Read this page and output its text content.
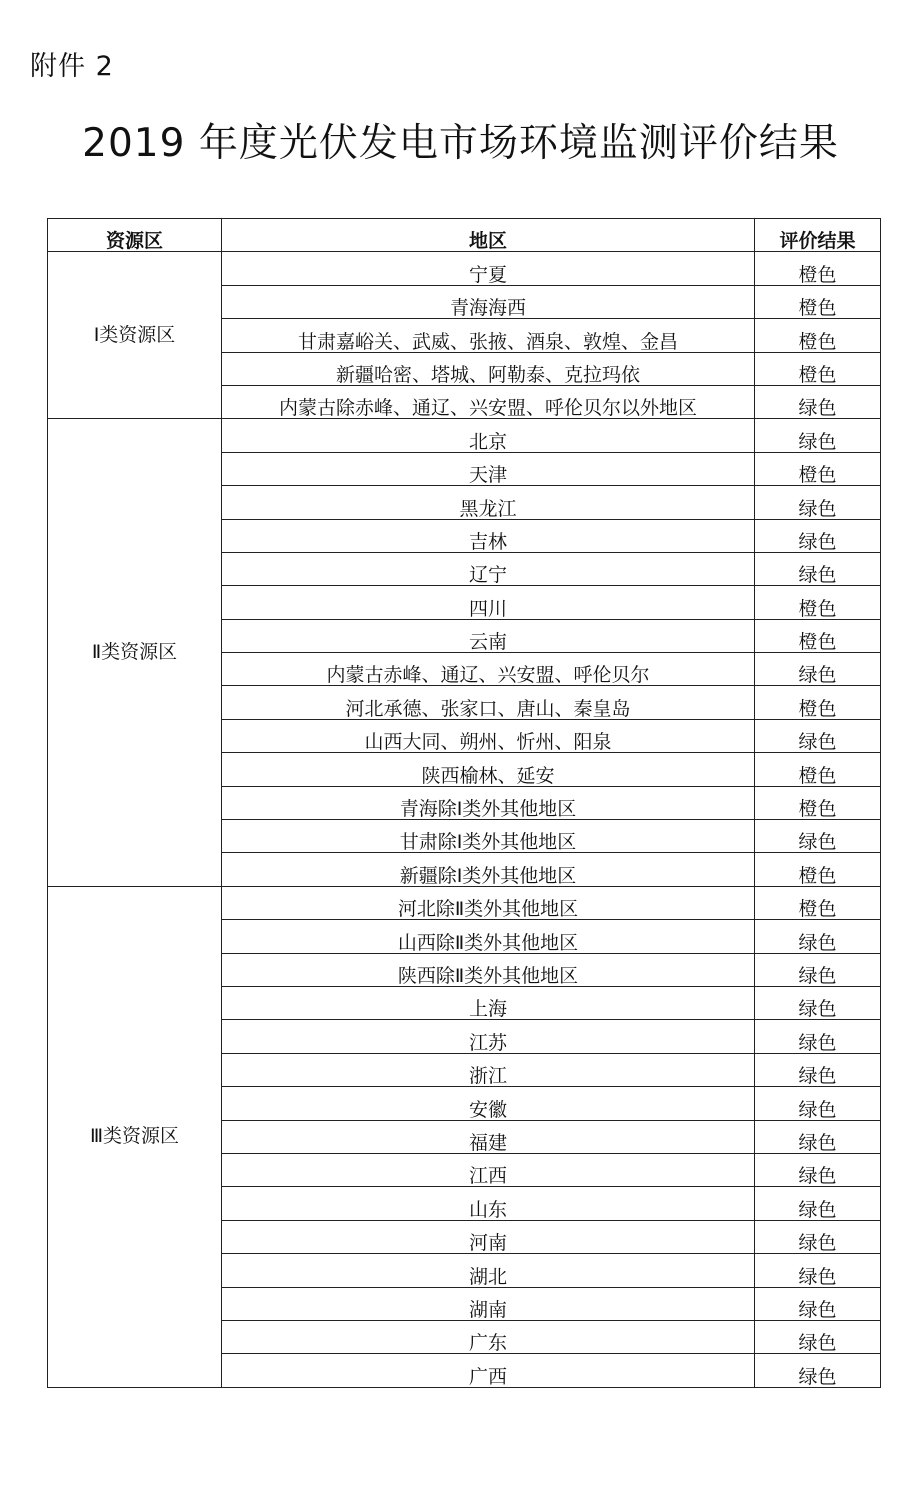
附件 2
2019 年度光伏发电市场环境监测评价结果
资源区	地区	评价结果
Ⅰ类资源区	宁夏	橙色
	青海海西	橙色
	甘肃嘉峪关、武威、张掖、酒泉、敦煌、金昌	橙色
	新疆哈密、塔城、阿勒泰、克拉玛依	橙色
	内蒙古除赤峰、通辽、兴安盟、呼伦贝尔以外地区	绿色
Ⅱ类资源区	北京	绿色
	天津	橙色
	黑龙江	绿色
	吉林	绿色
	辽宁	绿色
	四川	橙色
	云南	橙色
	内蒙古赤峰、通辽、兴安盟、呼伦贝尔	绿色
	河北承德、张家口、唐山、秦皇岛	橙色
	山西大同、朔州、忻州、阳泉	绿色
	陕西榆林、延安	橙色
	青海除Ⅰ类外其他地区	橙色
	甘肃除Ⅰ类外其他地区	绿色
	新疆除Ⅰ类外其他地区	橙色
Ⅲ类资源区	河北除Ⅱ类外其他地区	橙色
	山西除Ⅱ类外其他地区	绿色
	陕西除Ⅱ类外其他地区	绿色
	上海	绿色
	江苏	绿色
	浙江	绿色
	安徽	绿色
	福建	绿色
	江西	绿色
	山东	绿色
	河南	绿色
	湖北	绿色
	湖南	绿色
	广东	绿色
	广西	绿色
